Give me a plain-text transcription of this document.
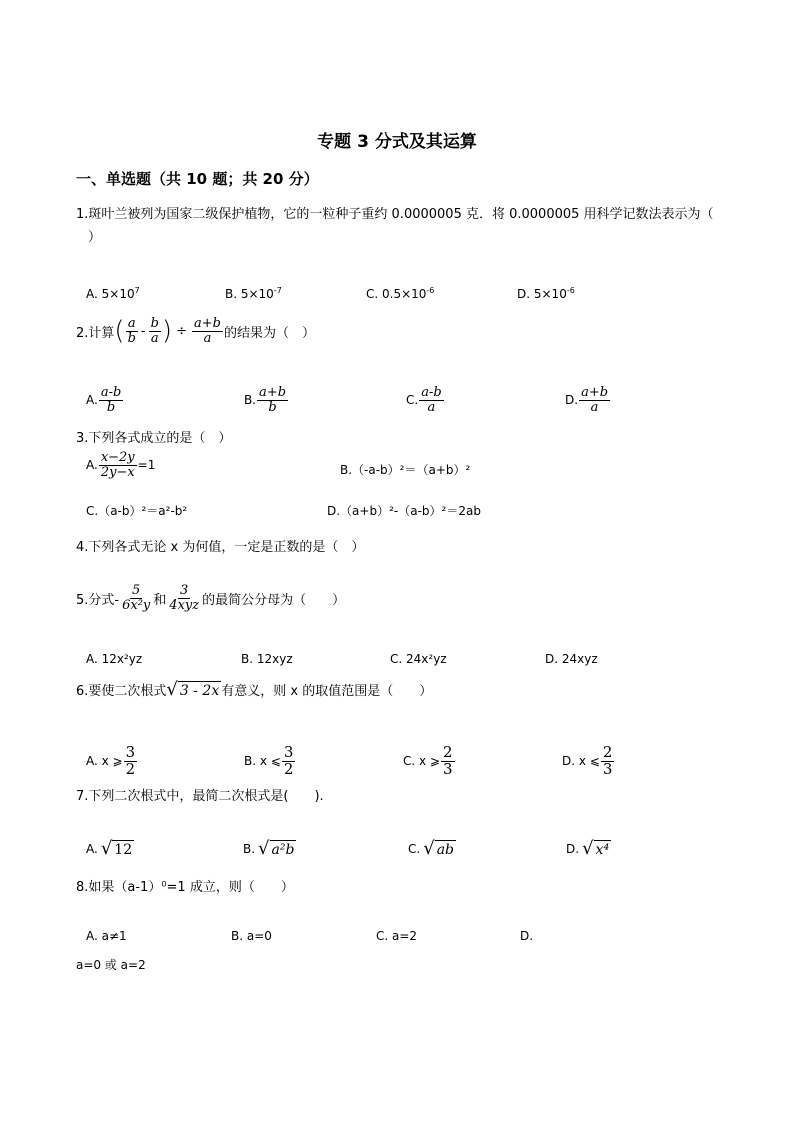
专题 3 分式及其运算
一、单选题（共 10 题；共 20 分）
1.斑叶兰被列为国家二级保护植物，它的一粒种子重约 0.0000005 克．将 0.0000005 用科学记数法表示为（
）
A. $5\times 10^7$	B. $5\times 10^{-7}$	C. $0.5\times 10^{-6}$	D. $5\times 10^{-6}$
2.计算 ( $\frac{a}{b} - \frac{b}{a}$ ) ÷ $\frac{a+b}{a}$ 的结果为（　）
A. $\frac{a-b}{b}$	B. $\frac{a+b}{b}$	C. $\frac{a-b}{a}$	D. $\frac{a+b}{a}$
3.下列各式成立的是（　）
A. $\frac{x-2y}{2y-x} =1$	B.（-a-b）²＝（a+b）²
C.（a-b）²＝a²-b²	D.（a+b）²-（a-b）²＝2ab
4.下列各式无论 x 为何值，一定是正数的是（　）
5.分式- $\frac{5}{\text{6x²y}}$ 和 $\frac{3}{\text{4xyz}}$ 的最简公分母为（　　）
A. 12x²yz	B. 12xyz	C. 24x²yz	D. 24xyz
6.要使二次根式 √ 3 - 2x 有意义，则 x 的取值范围是（　　）
A. x ⩾ $\frac{3}{2}$	B. x ⩽ $\frac{3}{2}$	C. x ⩾ $\frac{2}{3}$	D. x ⩽ $\frac{2}{3}$
7.下列二次根式中，最简二次根式是(　　).
A. √ 12	B. √ a²b	C. √ ab	D. √ x⁴
8.如果（a-1）⁰=1 成立，则（　　）
A. a≠1	B. a=0	C. a=2	D.
a=0 或 a=2
